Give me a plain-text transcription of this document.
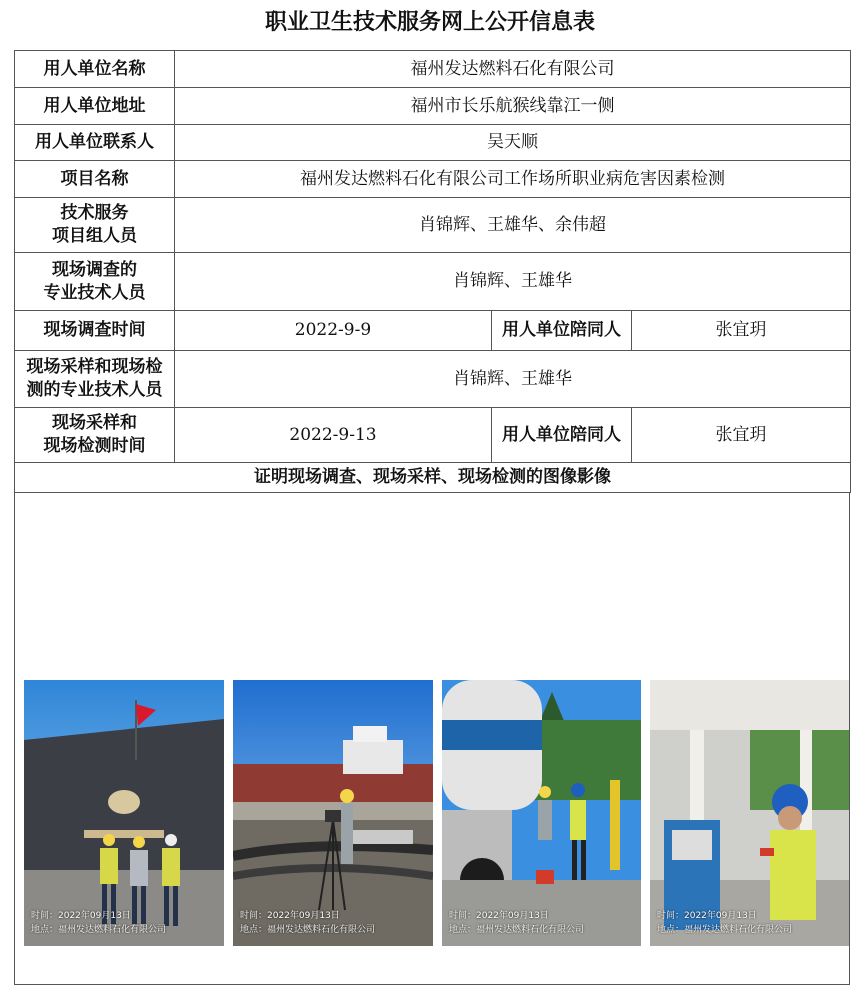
职业卫生技术服务网上公开信息表
用人单位名称	福州发达燃料石化有限公司		
用人单位地址	福州市长乐航猴线靠江一侧		
用人单位联系人	吴天顺		
项目名称	福州发达燃料石化有限公司工作场所职业病危害因素检测		

技术服务
项目组人员	肖锦辉、王雄华、余伟超		

现场调查的
专业技术人员	肖锦辉、王雄华		
现场调查时间	2022-9-9	用人单位陪同人	张宜玥

现场采样和现场检
测的专业技术人员	肖锦辉、王雄华		

现场采样和
现场检测时间	2022-9-13	用人单位陪同人	张宜玥
证明现场调查、现场采样、现场检测的图像影像			
时间：2022年09月13日
地点：福州发达燃料石化有限公司
时间：2022年09月13日
地点：福州发达燃料石化有限公司
时间：2022年09月13日
地点：福州发达燃料石化有限公司
时间：2022年09月13日
地点：福州发达燃料石化有限公司
